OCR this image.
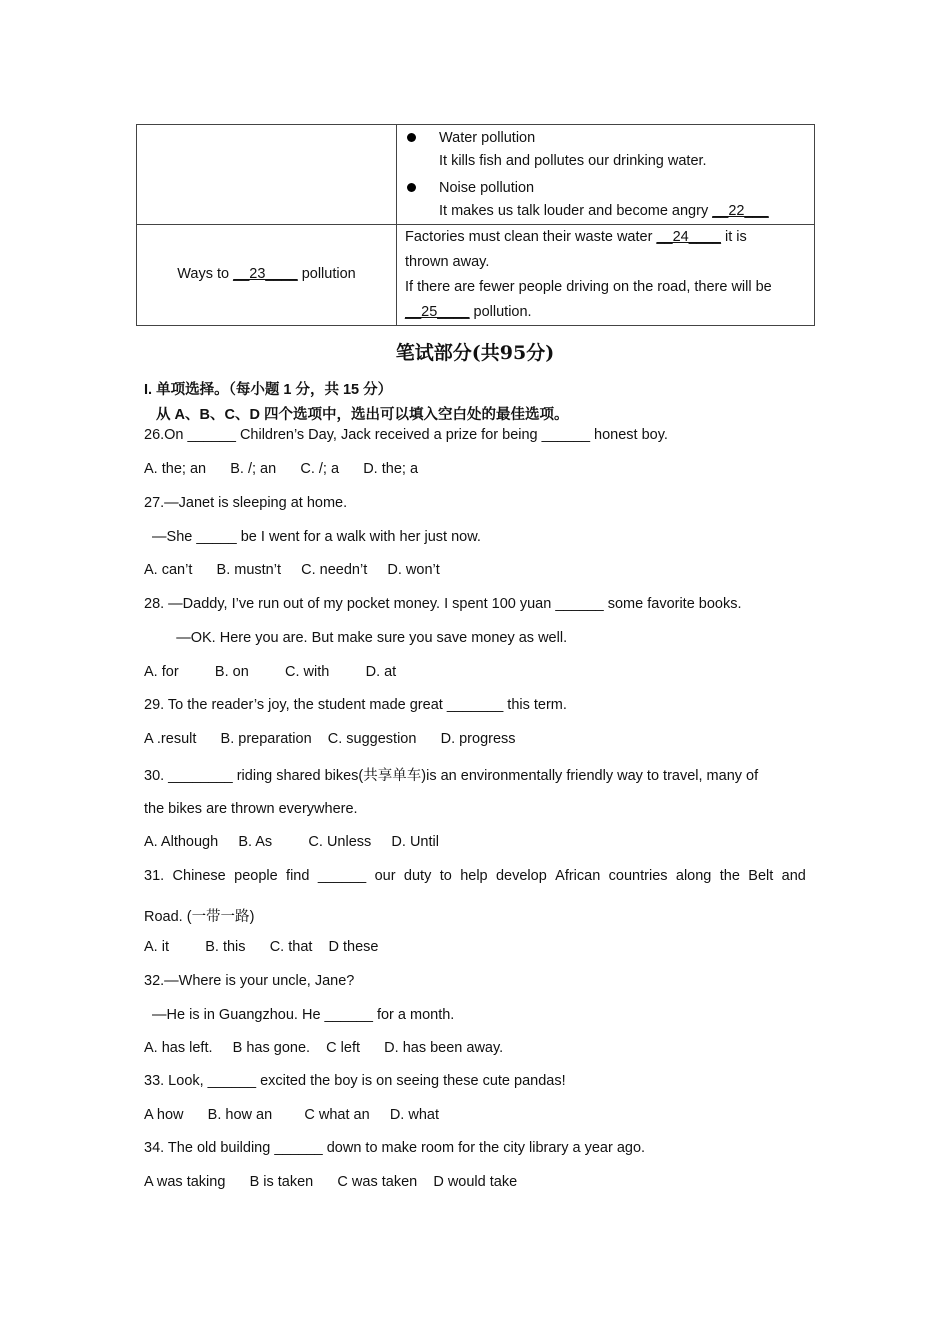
	Water pollution
It kills fish and pollutes our drinking water.
Noise pollution
It makes us talk louder and become angry __22___

Ways to __23____ pollution	Factories must clean their waste water __24____ it is
thrown away.
If there are fewer people driving on the road, there will be
__25____ pollution.
笔试部分(共95分)
I. 单项选择。（每小题 1 分，共 15 分）
从 A、B、C、D 四个选项中，选出可以填入空白处的最佳选项。
26.On ______ Children’s Day, Jack received a prize for being ______ honest boy.
A. the; an      B. /; an      C. /; a      D. the; a
27.—Janet is sleeping at home.
—She _____ be I went for a walk with her just now.
A. can’t      B. mustn’t     C. needn’t     D. won’t
28. —Daddy, I’ve run out of my pocket money. I spent 100 yuan ______ some favorite books.
—OK. Here you are. But make sure you save money as well.
A. for         B. on         C. with         D. at
29. To the reader’s joy, the student made great _______ this term.
A .result      B. preparation    C. suggestion      D. progress
30. ________ riding shared bikes(共享单车)is an environmentally friendly way to travel, many of
the bikes are thrown everywhere.
A. Although     B. As         C. Unless     D. Until
31. Chinese people find ______ our duty to help develop African countries along the Belt and
Road. (一带一路)
A. it         B. this      C. that    D these
32.—Where is your uncle, Jane?
—He is in Guangzhou. He ______ for a month.
A. has left.     B has gone.    C left      D. has been away.
33. Look, ______ excited the boy is on seeing these cute pandas!
A how      B. how an        C what an     D. what
34. The old building ______ down to make room for the city library a year ago.
A was taking      B is taken      C was taken    D would take
